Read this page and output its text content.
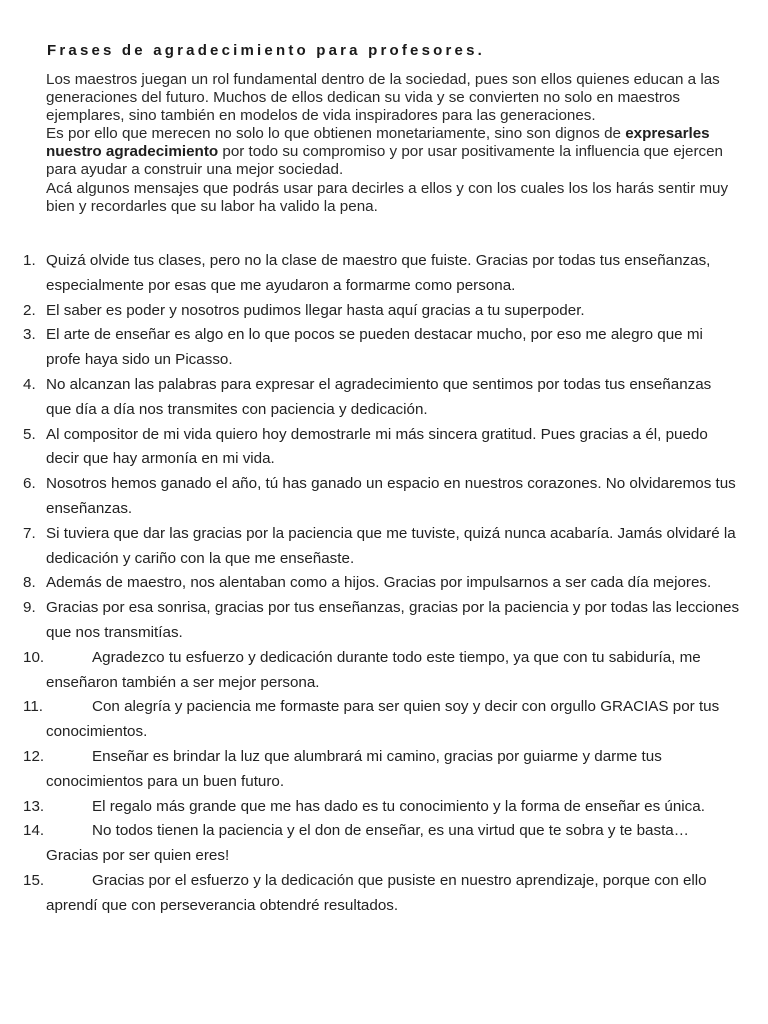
Frases de agradecimiento para profesores.

Los maestros juegan un rol fundamental dentro de la sociedad, pues son ellos quienes educan a las generaciones del futuro. Muchos de ellos dedican su vida y se convierten no solo en maestros ejemplares, sino también en modelos de vida inspiradores para las generaciones.

Es por ello que merecen no solo lo que obtienen monetariamente, sino son dignos de expresarles nuestro agradecimiento por todo su compromiso y por usar positivamente la influencia que ejercen para ayudar a construir una mejor sociedad.

Acá algunos mensajes que podrás usar para decirles a ellos y con los cuales los los harás sentir muy bien y recordarles que su labor ha valido la pena.

1. Quizá olvide tus clases, pero no la clase de maestro que fuiste. Gracias por todas tus enseñanzas, especialmente por esas que me ayudaron a formarme como persona.
2. El saber es poder y nosotros pudimos llegar hasta aquí gracias a tu superpoder.
3. El arte de enseñar es algo en lo que pocos se pueden destacar mucho, por eso me alegro que mi profe haya sido un Picasso.
4. No alcanzan las palabras para expresar el agradecimiento que sentimos por todas tus enseñanzas que día a día nos transmites con paciencia y dedicación.
5. Al compositor de mi vida quiero hoy demostrarle mi más sincera gratitud. Pues gracias a él, puedo decir que hay armonía en mi vida.
6. Nosotros hemos ganado el año, tú has ganado un espacio en nuestros corazones. No olvidaremos tus enseñanzas.
7. Si tuviera que dar las gracias por la paciencia que me tuviste, quizá nunca acabaría. Jamás olvidaré la dedicación y cariño con la que me enseñaste.
8. Además de maestro, nos alentaban como a hijos. Gracias por impulsarnos a ser cada día mejores.
9. Gracias por esa sonrisa, gracias por tus enseñanzas, gracias por la paciencia y por todas las lecciones que nos transmitías.
10.	Agradezco tu esfuerzo y dedicación durante todo este tiempo, ya que con tu sabiduría, me enseñaron también a ser mejor persona.
11.	Con alegría y paciencia me formaste para ser quien soy y decir con orgullo GRACIAS por tus conocimientos.
12.	Enseñar es brindar la luz que alumbrará mi camino, gracias por guiarme y darme tus conocimientos para un buen futuro.
13.	El regalo más grande que me has dado es tu conocimiento y la forma de enseñar es única.
14.	No todos tienen la paciencia y el don de enseñar, es una virtud que te sobra y te basta… Gracias por ser quien eres!
15.	Gracias por el esfuerzo y la dedicación que pusiste en nuestro aprendizaje, porque con ello aprendí que con perseverancia obtendré resultados.
